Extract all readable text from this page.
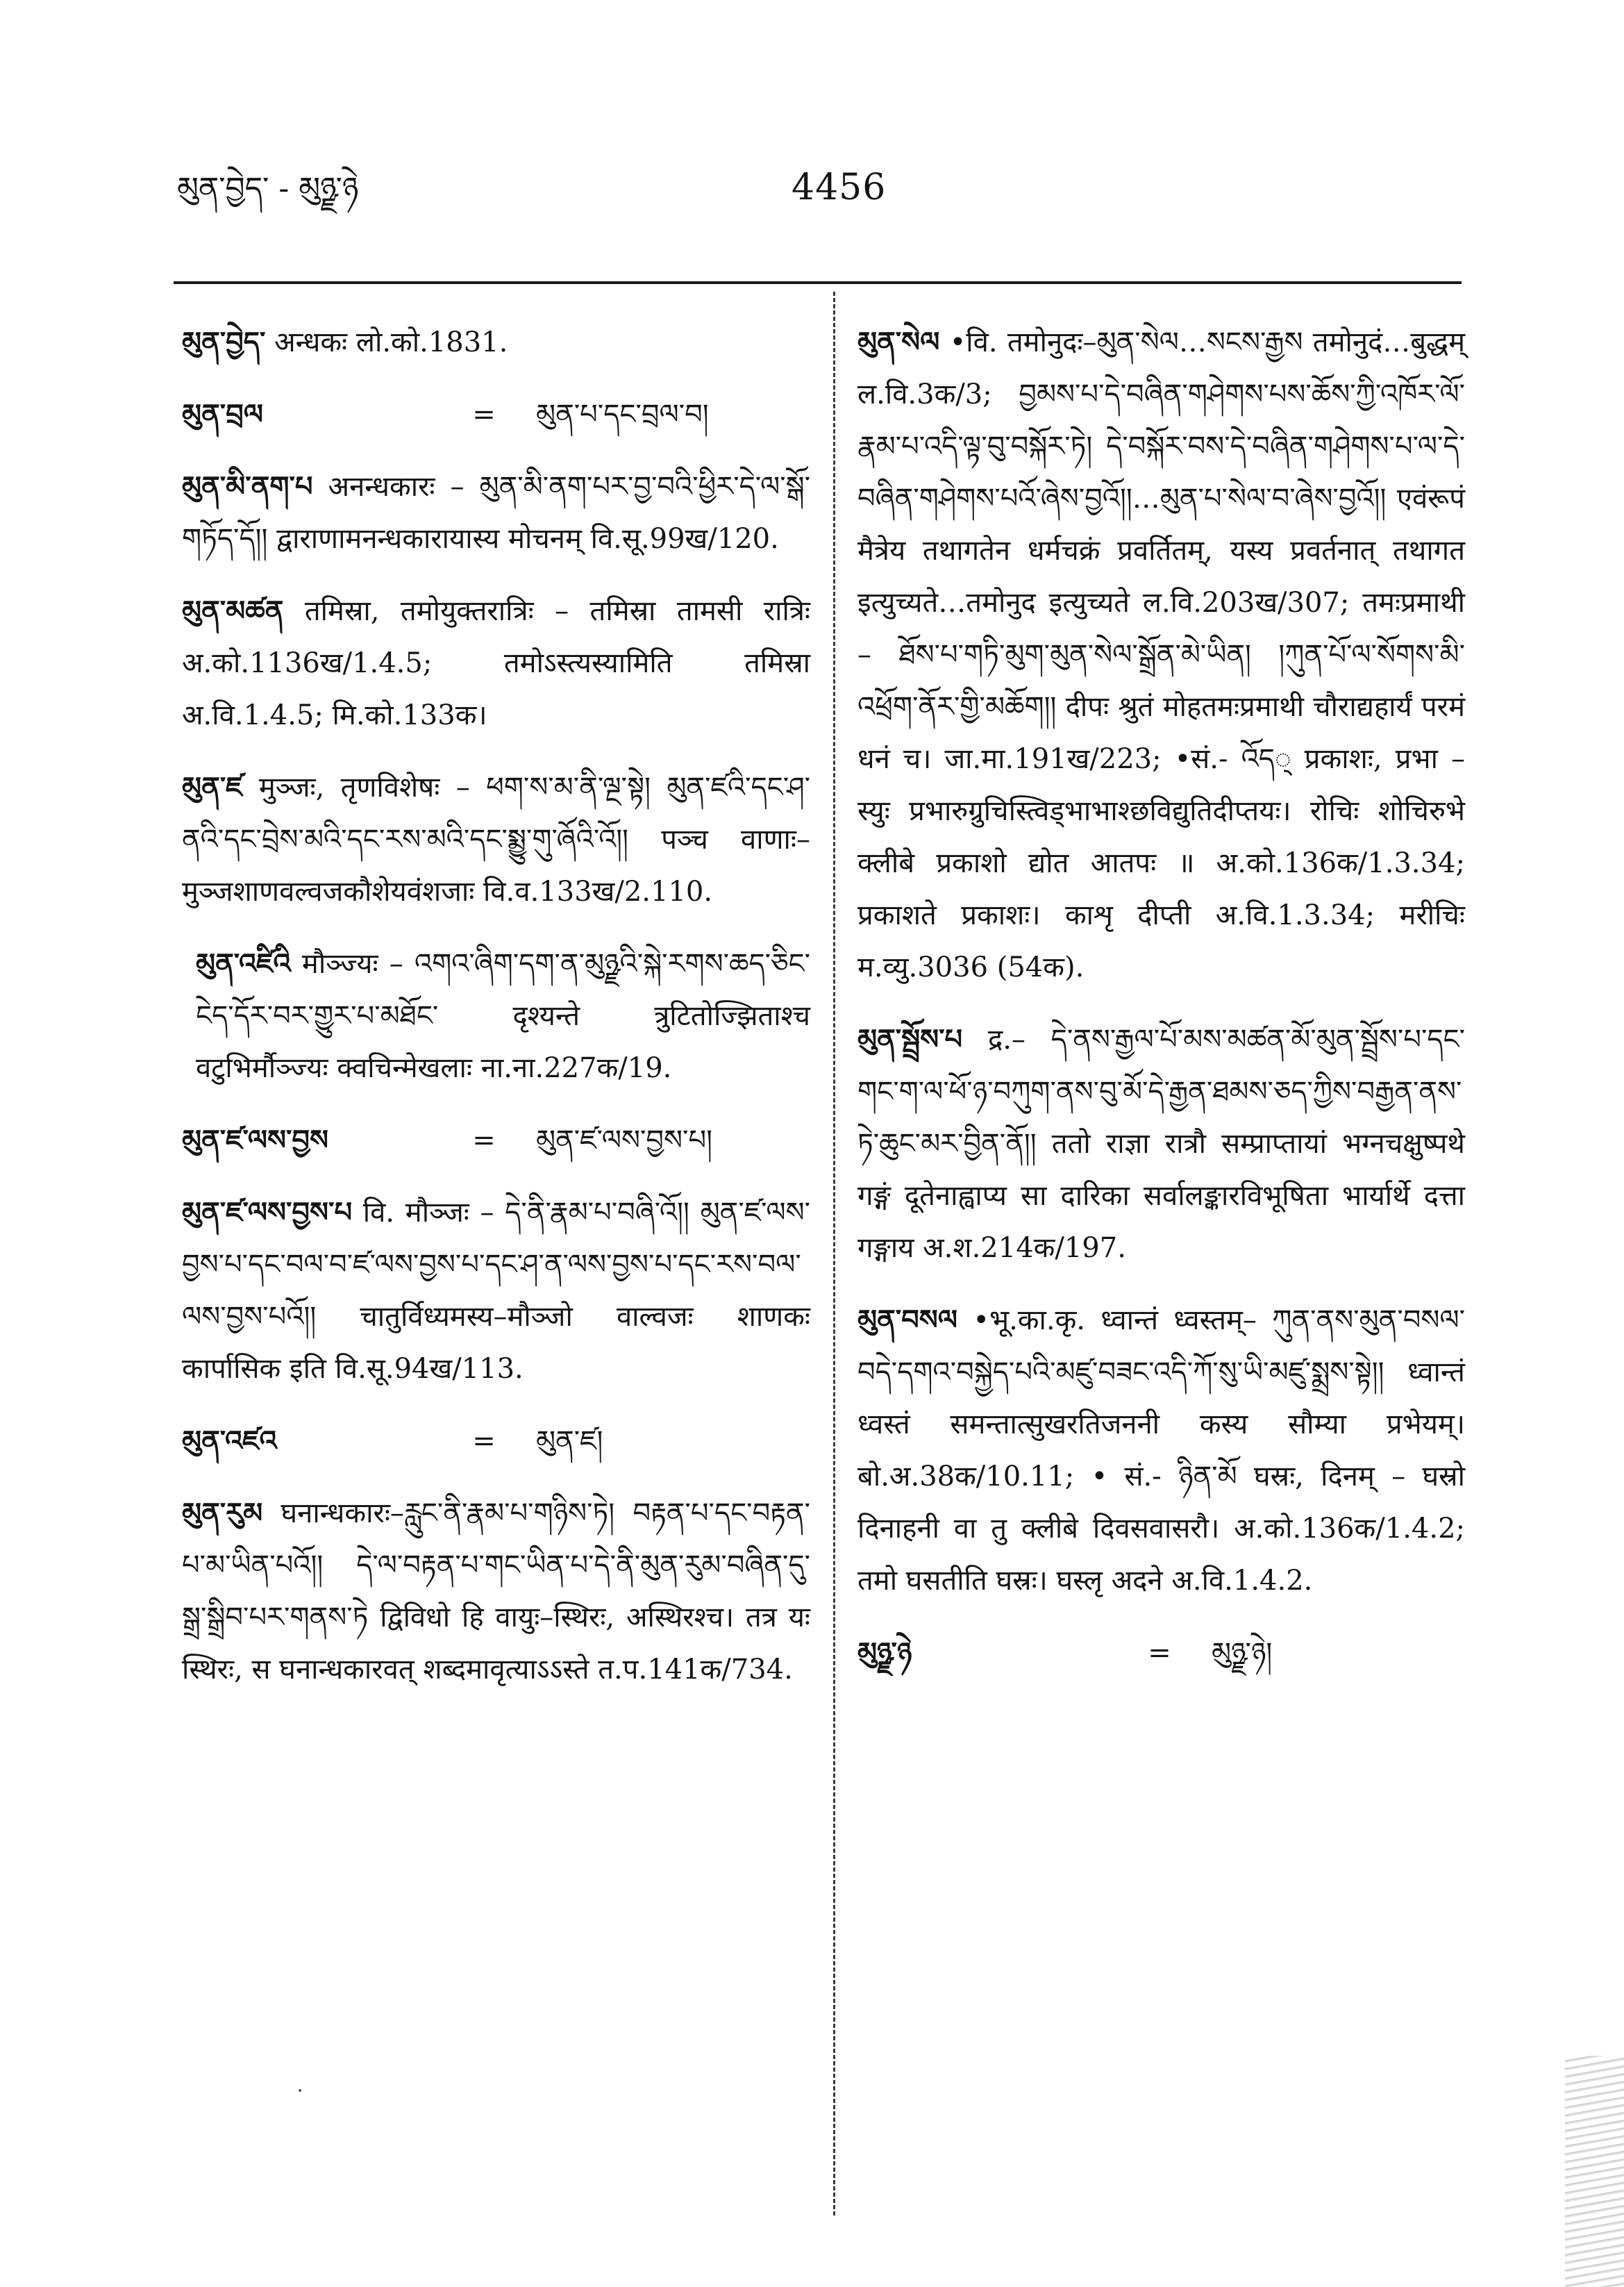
མུན་བྱེད་ - མུཉྫ་ཉེ	4456
མུན་བྱེད་ अन्धकः लो.को.1831.
མུན་བྲལ	= མུན་པ་དང་བྲལ་བ།
མུན་མི་ནག་པ अनन्धकारः – མུན་མི་ནག་པར་བྱ་བའི་ཕྱིར་དེ་ལ་སྒོ་གཏོད་དོ།། द्वाराणामनन्धकारायास्य मोचनम् वि.सू.99ख/120.
མུན་མཚན तमिस्रा, तमोयुक्तरात्रिः – तमिस्रा तामसी रात्रिः अ.को.1136ख/1.4.5; तमोऽस्त्यस्यामिति तमिस्रा अ.वि.1.4.5; मि.को.133क।
མུན་ཛ मुञ्जः, तृणविशेषः – ཕག་ས་མ་ནི་ལྔ་སྟེ། མུན་ཛའི་དང་ཤ་ནའི་དང་བྲེས་མའི་དང་རས་མའི་དང་སྨྱུ་གུ་ཞོའི་འོ།། पञ्च वाणाः–मुञ्जशाणवल्वजकौशेयवंशजाः वि.व.133ख/2.110.
མུན་འཛིའི मौञ्ज्यः – འགའ་ཞིག་དག་ན་མུཉྫའི་སྐེ་རགས་ཆད་ཅིང་ངེད་དོར་བར་གྱུར་པ་མཐོང་ दृश्यन्ते त्रुटितोज्झिताश्च वटुभिर्मौञ्ज्यः क्वचिन्मेखलाः ना.ना.227क/19.
མུན་ཛ་ལས་བྱས	= མུན་ཛ་ལས་བྱས་པ།
མུན་ཛ་ལས་བྱས་པ वि. मौञ्जः – དེ་ནི་རྣམ་པ་བཞི་འོ།། མུན་ཛ་ལས་བྱས་པ་དང་བལ་བ་ཛ་ལས་བྱས་པ་དང་ཤ་ན་ལས་བྱས་པ་དང་རས་བལ་ལས་བྱས་པའོ།། चातुर्विध्यमस्य–मौञ्जो वाल्वजः शाणकः कार्पासिक इति वि.सू.94ख/113.
མུན་འཛའ	= མུན་ཛ།
མུན་རུམ घनान्धकारः–རླུང་ནི་རྣམ་པ་གཉིས་ཏེ། བརྟན་པ་དང་བརྟན་པ་མ་ཡིན་པའོ།། དེ་ལ་བརྟན་པ་གང་ཡིན་པ་དེ་ནི་མུན་རུམ་བཞིན་དུ་སྒྲ་སྒྲིབ་པར་གནས་ཏེ द्विविधो हि वायुः–स्थिरः, अस्थिरश्च। तत्र यः स्थिरः, स घनान्धकारवत् शब्दमावृत्याऽऽस्ते त.प.141क/734.
མུན་སེལ •वि. तमोनुदः–མུན་སེལ…སངས་རྒྱས तमोनुदं…बुद्धम् ल.वि.3क/3; བྱམས་པ་དེ་བཞིན་གཤེགས་པས་ཆོས་ཀྱི་འཁོར་ལོ་རྣམ་པ་འདི་ལྟ་བུ་བསྐོར་ཏེ། དེ་བསྐོར་བས་དེ་བཞིན་གཤེགས་པ་ལ་དེ་བཞིན་གཤེགས་པའོ་ཞེས་བྱའོ།།…མུན་པ་སེལ་བ་ཞེས་བྱའོ།། एवंरूपं मैत्रेय तथागतेन धर्मचक्रं प्रवर्तितम्, यस्य प्रवर्तनात् तथागत इत्युच्यते…तमोनुद इत्युच्यते ल.वि.203ख/307; तमःप्रमाथी – ཐོས་པ་གཏི་མུག་མུན་སེལ་སྒྲོན་མེ་ཡིན། །ཀུན་པོ་ལ་སོགས་མི་འཕྲོག་ནོར་གྱི་མཆོག།། दीपः श्रुतं मोहतमःप्रमाथी चौराद्यहार्यं परमं धनं च। जा.मा.191ख/223; •सं.- འོད् प्रकाशः, प्रभा – स्युः प्रभारुग्रुचिस्त्विड्भाभाश्छविद्युतिदीप्तयः। रोचिः शोचिरुभे क्लीबे प्रकाशो द्योत आतपः ॥ अ.को.136क/1.3.34; प्रकाशते प्रकाशः। काशृ दीप्ती अ.वि.1.3.34; मरीचिः म.व्यु.3036 (54क).
མུན་སྦྲོས་པ द्र.– དེ་ནས་རྒྱལ་པོ་མས་མཚན་མོ་མུན་སྦྲོས་པ་དང་གང་ག་ལ་ཕོ་ཉ་བཀུག་ནས་བུ་མོ་དེ་རྒྱན་ཐམས་ཅད་ཀྱིས་བརྒྱན་ནས་ཏེ་ཆུང་མར་བྱིན་ནོ།། ततो राज्ञा रात्रौ सम्प्राप्तायां भग्नचक्षुष्पथे गङ्गं दूतेनाह्वाप्य सा दारिका सर्वालङ्कारविभूषिता भार्यार्थे दत्ता गङ्गाय अ.श.214क/197.
མུན་བསལ •भू.का.कृ. ध्वान्तं ध्वस्तम्– ཀུན་ནས་མུན་བསལ་བདེ་དགའ་བསྐྱེད་པའི་མཛུ་བཟང་འདི་ཀོ་སུ་ཡི་མཛུ་སྨྲས་སྟེ།། ध्वान्तं ध्वस्तं समन्तात्सुखरतिजननी कस्य सौम्या प्रभेयम्। बो.अ.38क/10.11; • सं.- ཉིན་མོ घस्रः, दिनम् – घस्रो दिनाहनी वा तु क्लीबे दिवसवासरौ। अ.को.136क/1.4.2; तमो घसतीति घस्रः। घस्लृ अदने अ.वि.1.4.2.
མུཉྫ་ཉེ	= མུཉྫ་ཉེ།
